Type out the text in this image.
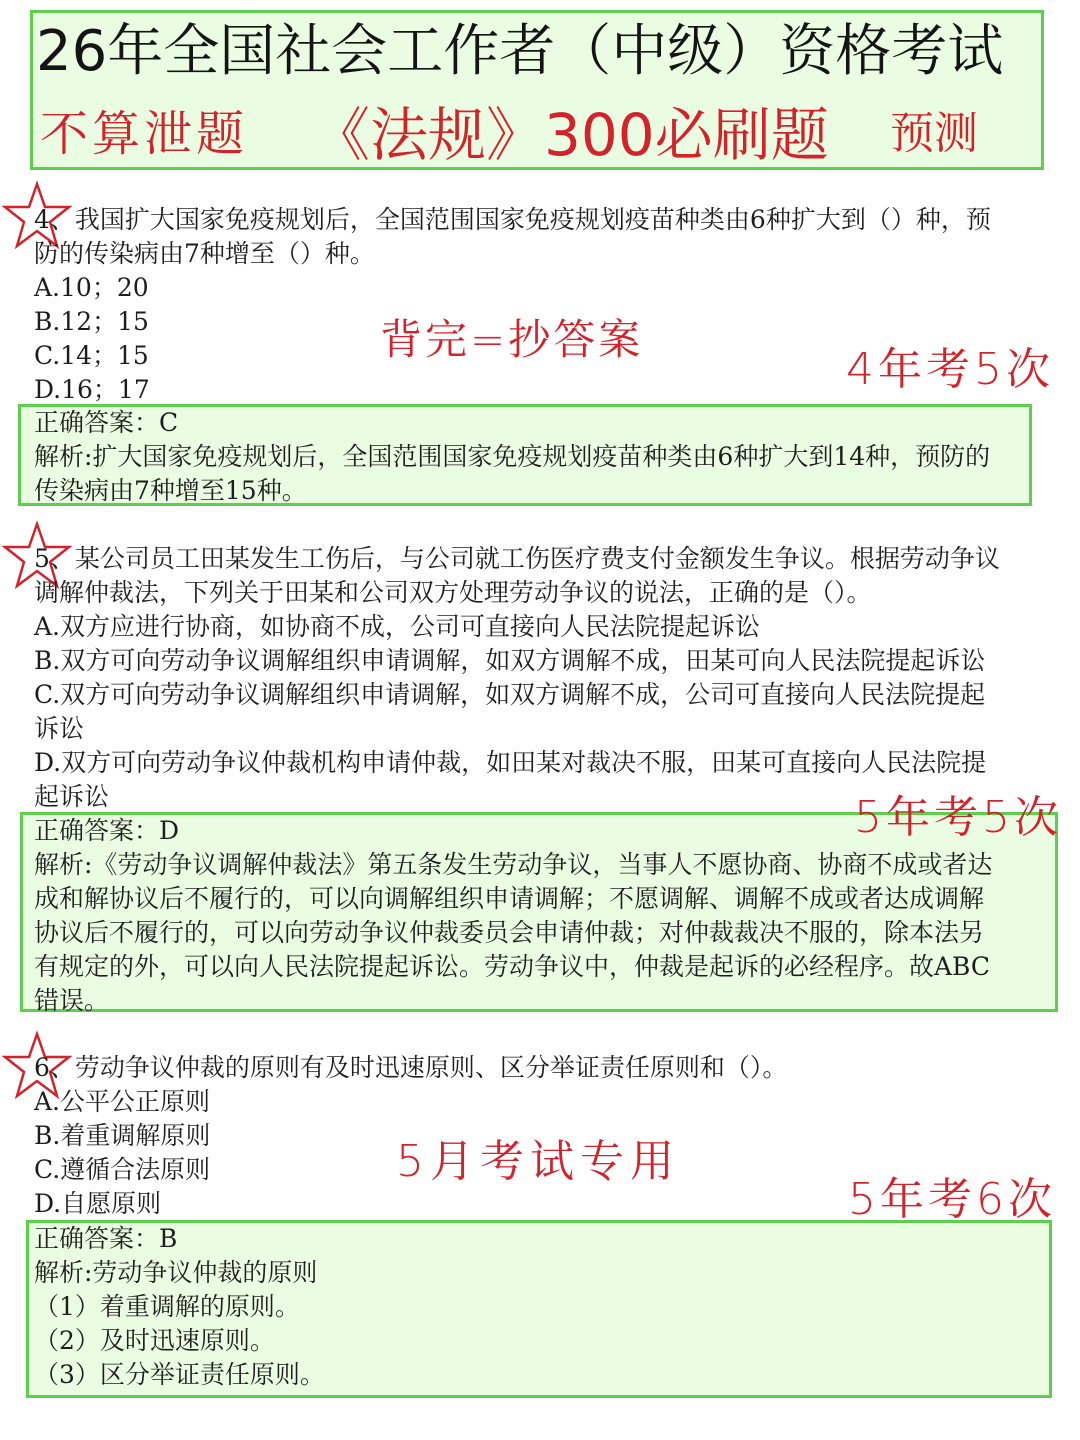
26年全国社会工作者（中级）资格考试
不算泄题 《法规》300必刷题 预测
4、我国扩大国家免疫规划后，全国范围国家免疫规划疫苗种类由6种扩大到（）种，预
防的传染病由7种增至（）种。
A.10；20
B.12；15
C.14；15
D.16；17
正确答案：C
解析:扩大国家免疫规划后，全国范围国家免疫规划疫苗种类由6种扩大到14种，预防的
传染病由7种增至15种。
背完=抄答案
4年考5次
5、某公司员工田某发生工伤后，与公司就工伤医疗费支付金额发生争议。根据劳动争议
调解仲裁法，下列关于田某和公司双方处理劳动争议的说法，正确的是（）。
A.双方应进行协商，如协商不成，公司可直接向人民法院提起诉讼
B.双方可向劳动争议调解组织申请调解，如双方调解不成，田某可向人民法院提起诉讼
C.双方可向劳动争议调解组织申请调解，如双方调解不成，公司可直接向人民法院提起
诉讼
D.双方可向劳动争议仲裁机构申请仲裁，如田某对裁决不服，田某可直接向人民法院提
起诉讼
正确答案：D
解析:《劳动争议调解仲裁法》第五条发生劳动争议，当事人不愿协商、协商不成或者达
成和解协议后不履行的，可以向调解组织申请调解；不愿调解、调解不成或者达成调解
协议后不履行的，可以向劳动争议仲裁委员会申请仲裁；对仲裁裁决不服的，除本法另
有规定的外，可以向人民法院提起诉讼。劳动争议中，仲裁是起诉的必经程序。故ABC
错误。
5年考5次
6、劳动争议仲裁的原则有及时迅速原则、区分举证责任原则和（）。
A.公平公正原则
B.着重调解原则
C.遵循合法原则
D.自愿原则
正确答案：B
解析:劳动争议仲裁的原则
（1）着重调解的原则。
（2）及时迅速原则。
（3）区分举证责任原则。
5月考试专用
5年考6次
